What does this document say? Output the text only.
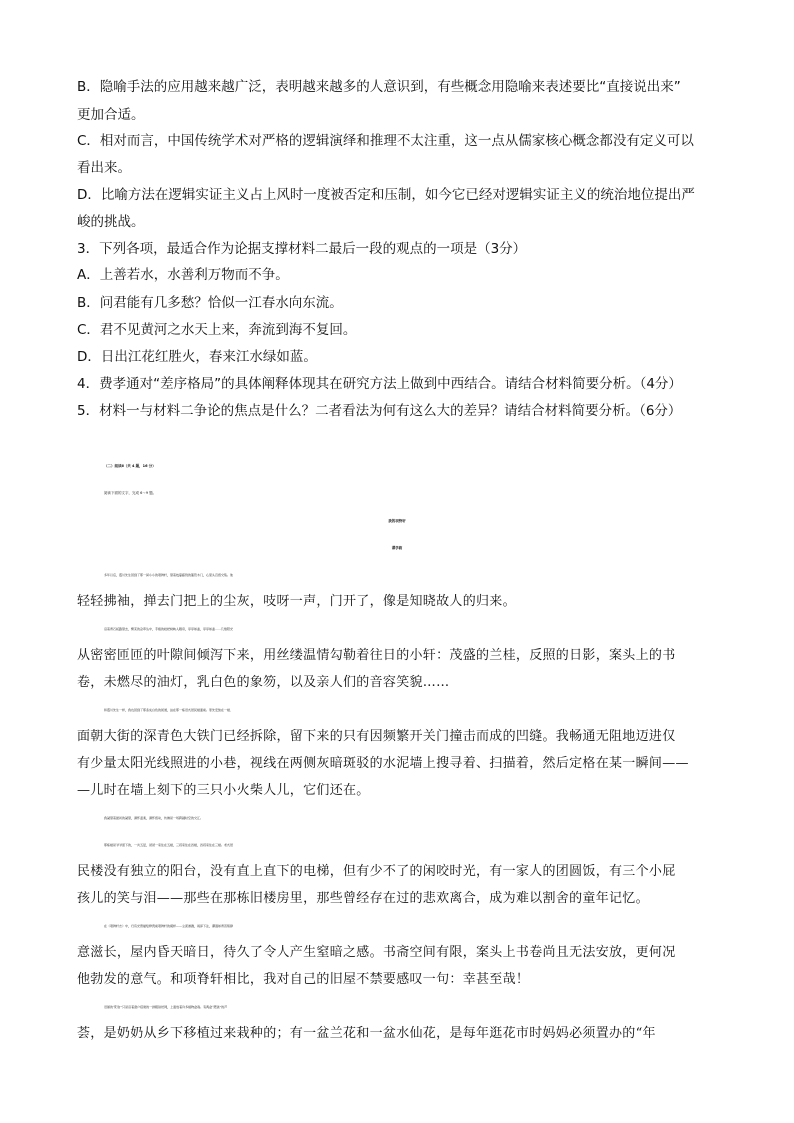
B．隐喻手法的应用越来越广泛，表明越来越多的人意识到，有些概念用隐喻来表述要比“直接说出来”
更加合适。
C．相对而言，中国传统学术对严格的逻辑演绎和推理不太注重，这一点从儒家核心概念都没有定义可以
看出来。
D．比喻方法在逻辑实证主义占上风时一度被否定和压制，如今它已经对逻辑实证主义的统治地位提出严
峻的挑战。
3．下列各项，最适合作为论据支撑材料二最后一段的观点的一项是（3分）
A．上善若水，水善利万物而不争。
B．问君能有几多愁？恰似一江春水向东流。
C．君不见黄河之水天上来，奔流到海不复回。
D．日出江花红胜火，春来江水绿如蓝。
4．费孝通对“差序格局”的具体阐释体现其在研究方法上做到中西结合。请结合材料简要分析。（4分）
5．材料一与材料二争论的焦点是什么？二者看法为何有这么大的差异？请结合材料简要分析。（6分）
（二）阅读Ⅱ（共 4 题，16 分）
阅读下面的文字，完成 6～9 题。
我的项脊轩
谭学韵
多年以后，震川先生回到了那一间小小的项脊轩，望着枝蔓藤绕的篱笆木门，心里头百感交集。他
轻轻拂袖，掸去门把上的尘灰，吱呀一声，门开了，像是知晓故人的归来。
沿着青石板路望去，繁芜的杂草丛中，手植的枇杷树映入眼帘，亭亭如盖，亭亭如盖……几缕阳光
从密密匝匝的叶隙间倾泻下来，用丝缕温情勾勒着往日的小轩：茂盛的兰桂，反照的日影，案头上的书
卷，未燃尽的油灯，乳白色的象笏，以及亲人们的音容笑貌……
和震川先生一样，我也回到了那条灰白色的街道，站在那一栋旧式居民楼面前。原先安装在一楼、
面朝大街的深青色大铁门已经拆除，留下来的只有因频繁开关门撞击而成的凹缝。我畅通无阻地迈进仅
有少量太阳光线照进的小巷，视线在两侧灰暗斑驳的水泥墙上搜寻着、扫描着，然后定格在某一瞬间——
—儿时在墙上刻下的三只小火柴人儿，它们还在。
我凝望着最初的凝望，满怀温柔，满怀感动，仿佛是一场跨越时空的交汇。
那栋楼是爷爷留下的，一共五层，爸爸一家住在五楼，三叔家住在四楼，四叔家住在三楼。老式居
民楼没有独立的阳台，没有直上直下的电梯，但有少不了的闲咬时光，有一家人的团圆饭，有三个小屁
孩儿的笑与泪——那些在那栋旧楼房里，那些曾经存在过的悲欢离合，成为难以割舍的童年记忆。
在《项脊轩志》中，归有光曾描绘修葺前项脊轩的模样——尘泥渗漉，雨泽下注，潮湿如青苔般肆
意滋长，屋内昏天暗日，待久了令人产生窒暗之感。书斋空间有限，案头上书卷尚且无法安放，更何况
他勃发的意气。和项脊轩相比，我对自己的旧屋不禁要感叹一句：幸甚至哉！
旧屋的“阳台”只是沿着窗户搭建的一排粗铁丝网，上面放着许多植物盆栽。有两盆“肥美”的芦
荟，是奶奶从乡下移植过来栽种的；有一盆兰花和一盆水仙花，是每年逛花市时妈妈必须置办的“年
